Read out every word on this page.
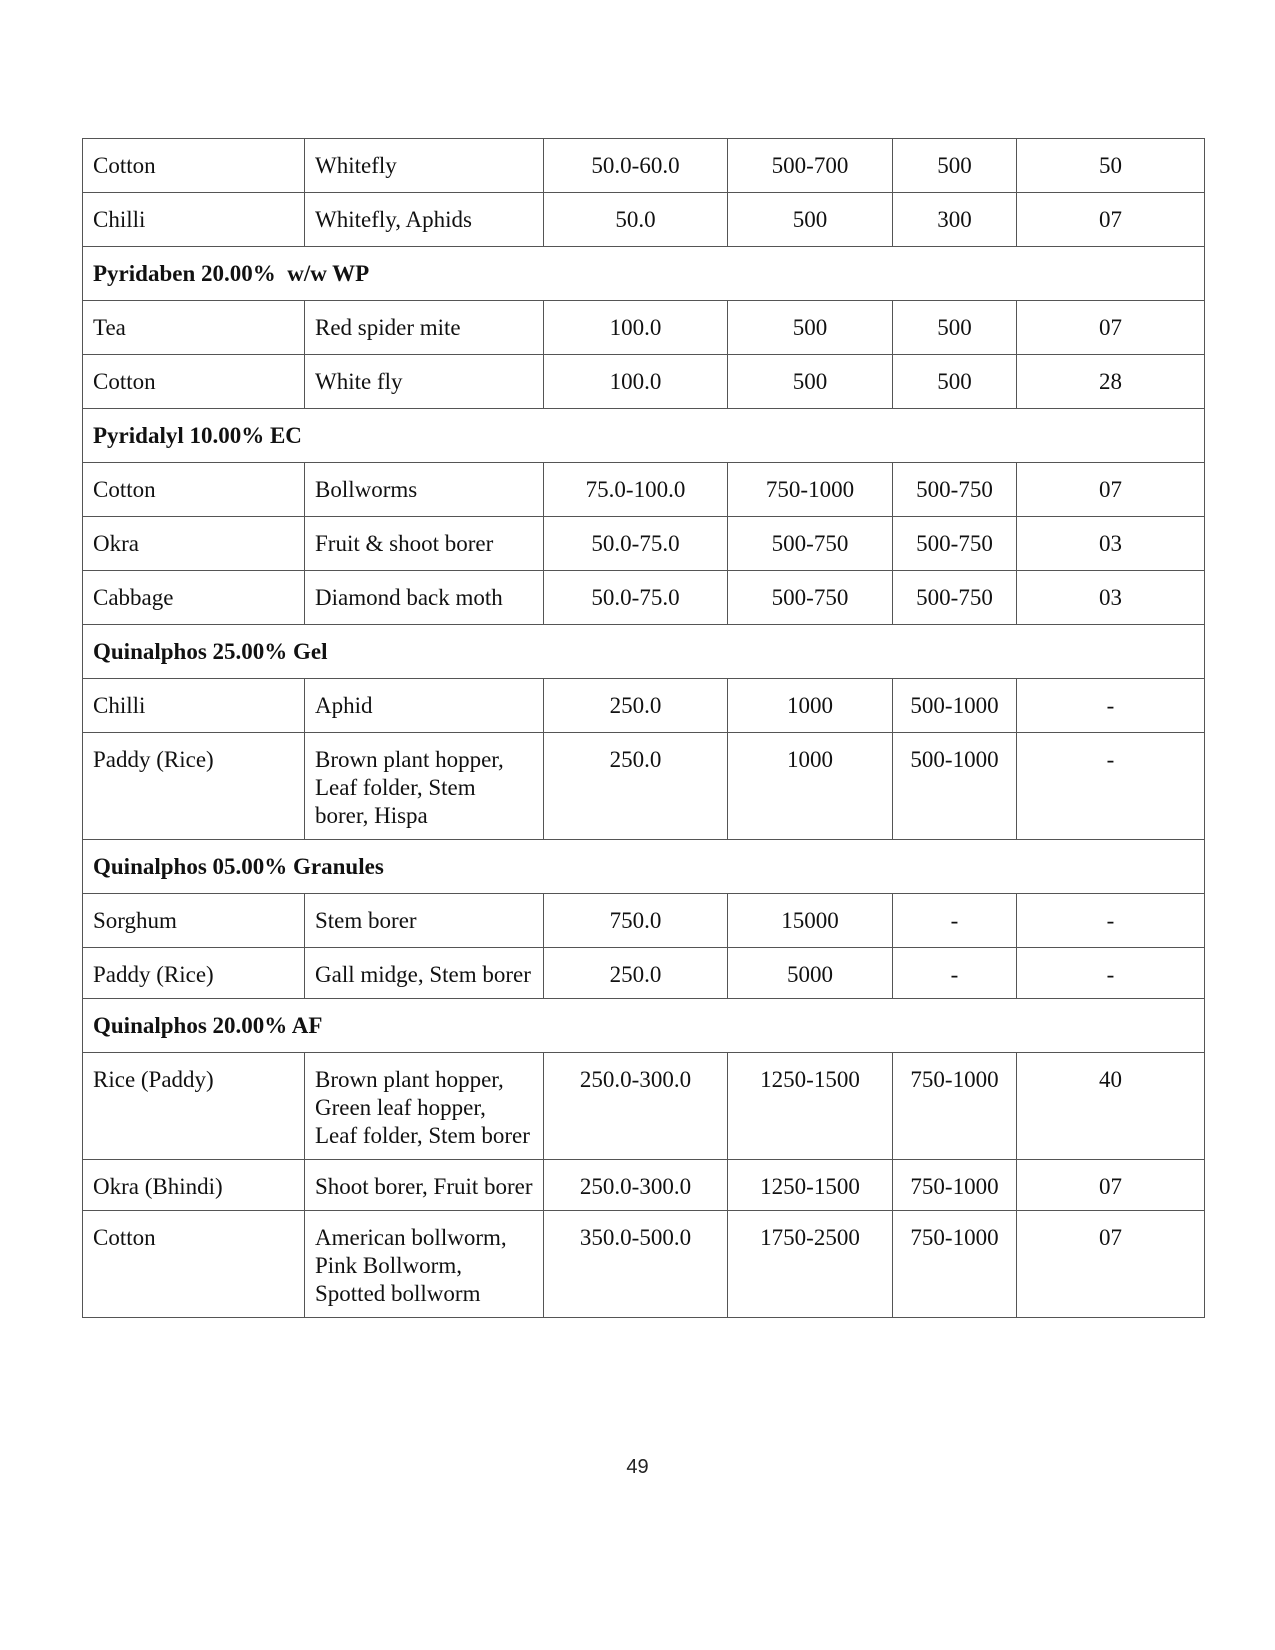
Cotton	Whitefly	50.0-60.0	500-700	500	50
Chilli	Whitefly, Aphids	50.0	500	300	07
Pyridaben 20.00%  w/w WP					
Tea	Red spider mite	100.0	500	500	07
Cotton	White fly	100.0	500	500	28
Pyridalyl 10.00% EC					
Cotton	Bollworms	75.0-100.0	750-1000	500-750	07
Okra	Fruit & shoot borer	50.0-75.0	500-750	500-750	03
Cabbage	Diamond back moth	50.0-75.0	500-750	500-750	03
Quinalphos 25.00% Gel					
Chilli	Aphid	250.0	1000	500-1000	-
Paddy (Rice)	Brown plant hopper, Leaf folder, Stem borer, Hispa	250.0	1000	500-1000	-
Quinalphos 05.00% Granules					
Sorghum	Stem borer	750.0	15000	-	-
Paddy (Rice)	Gall midge, Stem borer	250.0	5000	-	-
Quinalphos 20.00% AF					
Rice (Paddy)	Brown plant hopper, Green leaf hopper, Leaf folder, Stem borer	250.0-300.0	1250-1500	750-1000	40
Okra (Bhindi)	Shoot borer, Fruit borer	250.0-300.0	1250-1500	750-1000	07
Cotton	American bollworm, Pink Bollworm, Spotted bollworm	350.0-500.0	1750-2500	750-1000	07
49
